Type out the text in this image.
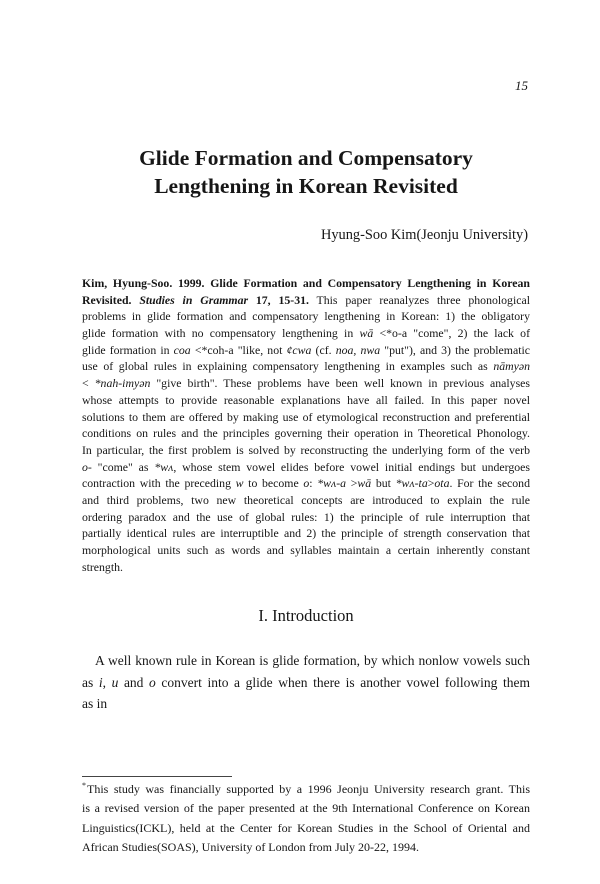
15
Glide Formation and Compensatory
Lengthening in Korean Revisited
Hyung-Soo Kim(Jeonju University)
Kim, Hyung-Soo. 1999. Glide Formation and Compensatory Lengthening in Korean
Revisited. Studies in Grammar 17, 15-31. This paper reanalyzes three phonological
problems in glide formation and compensatory lengthening in Korean: 1) the obligatory
glide formation with no compensatory lengthening in wā <*o-a "come", 2) the lack of
glide formation in coa <*coh-a "like, not ¢cwa (cf. noa, nwa "put"), and 3) the problematic
use of global rules in explaining compensatory lengthening in examples such as nāmyən
< *nah-imyən "give birth". These problems have been well known in previous analyses
whose attempts to provide reasonable explanations have all failed. In this paper novel
solutions to them are offered by making use of etymological reconstruction and preferential
conditions on rules and the principles governing their operation in Theoretical Phonology.
In particular, the first problem is solved by reconstructing the underlying form of the verb
o- "come" as *wʌ, whose stem vowel elides before vowel initial endings but undergoes
contraction with the preceding w to become o: *wʌ-a >wā but *wʌ-ta>ota. For the second
and third problems, two new theoretical concepts are introduced to explain the rule
ordering paradox and the use of global rules: 1) the principle of rule interruption that
partially identical rules are interruptible and 2) the principle of strength conservation that
morphological units such as words and syllables maintain a certain inherently constant
strength.
I. Introduction
A well known rule in Korean is glide formation, by which nonlow vowels such
as i, u and o convert into a glide when there is another vowel following them
as in
*This study was financially supported by a 1996 Jeonju University research grant. This
is a revised version of the paper presented at the 9th International Conference on Korean
Linguistics(ICKL), held at the Center for Korean Studies in the School of Oriental and
African Studies(SOAS), University of London from July 20-22, 1994.
